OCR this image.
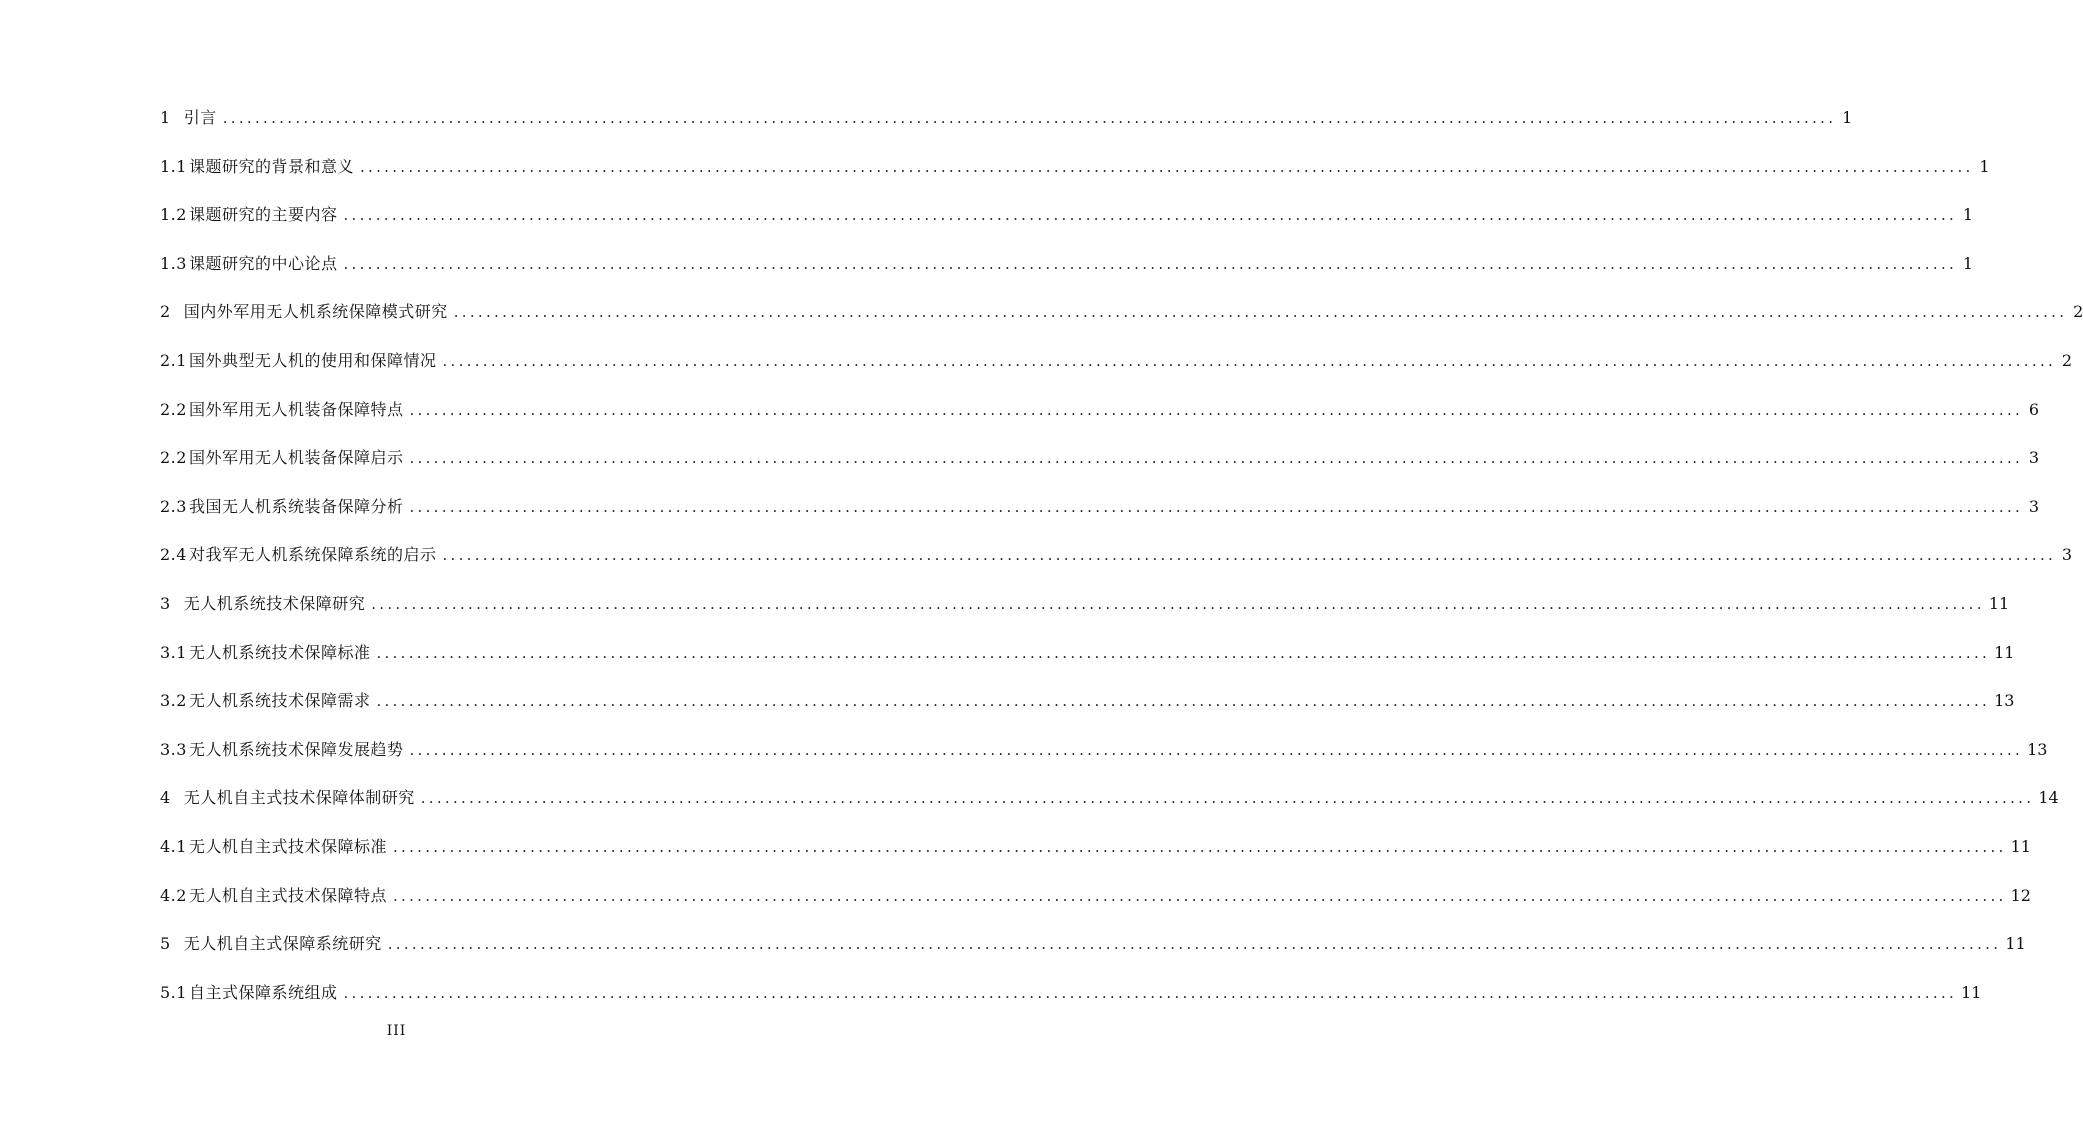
1 引言 ........................................................................................................................................................................................................ 1
1.1 课题研究的背景和意义 ........................................................................................................................................................................................................ 1
1.2 课题研究的主要内容 ........................................................................................................................................................................................................ 1
1.3 课题研究的中心论点 ........................................................................................................................................................................................................ 1
2 国内外军用无人机系统保障模式研究 ........................................................................................................................................................................................................ 2
2.1 国外典型无人机的使用和保障情况 ........................................................................................................................................................................................................ 2
2.2 国外军用无人机装备保障特点 ........................................................................................................................................................................................................ 6
2.2 国外军用无人机装备保障启示 ........................................................................................................................................................................................................ 3
2.3 我国无人机系统装备保障分析 ........................................................................................................................................................................................................ 3
2.4 对我军无人机系统保障系统的启示 ........................................................................................................................................................................................................ 3
3 无人机系统技术保障研究 ........................................................................................................................................................................................................ 11
3.1 无人机系统技术保障标准 ........................................................................................................................................................................................................ 11
3.2 无人机系统技术保障需求 ........................................................................................................................................................................................................ 13
3.3 无人机系统技术保障发展趋势 ........................................................................................................................................................................................................ 13
4 无人机自主式技术保障体制研究 ........................................................................................................................................................................................................ 14
4.1 无人机自主式技术保障标准 ........................................................................................................................................................................................................ 11
4.2 无人机自主式技术保障特点 ........................................................................................................................................................................................................ 12
5 无人机自主式保障系统研究 ........................................................................................................................................................................................................ 11
5.1 自主式保障系统组成 ........................................................................................................................................................................................................ 11
III
